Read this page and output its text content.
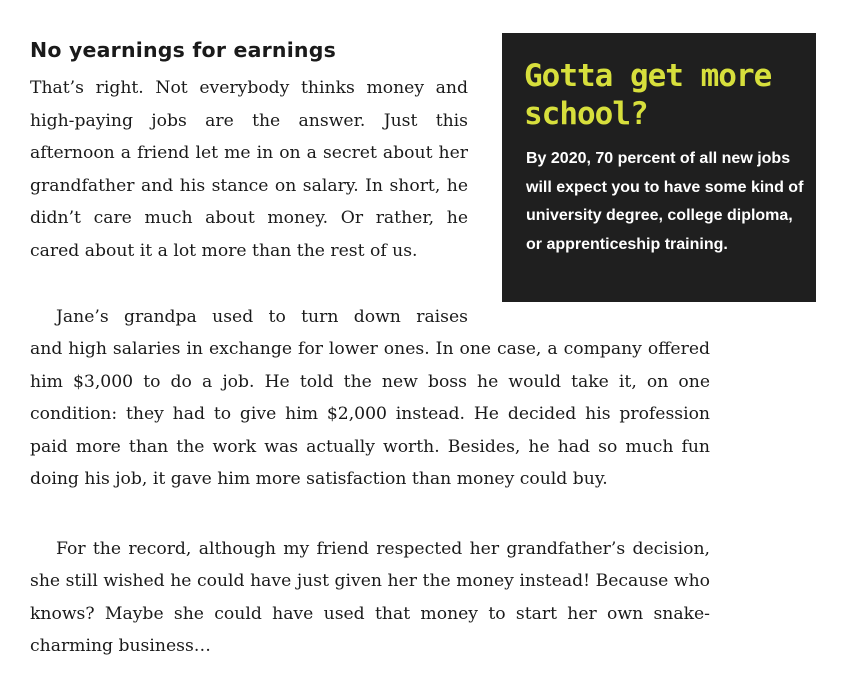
No yearnings for earnings

That’s right. Not everybody thinks money and high-paying jobs are the answer. Just this afternoon a friend let me in on a secret about her grandfather and his stance on salary. In short, he didn’t care much about money. Or rather, he cared about it a lot more than the rest of us.

Jane’s grandpa used to turn down raises

and high salaries in exchange for lower ones. In one case, a company offered him $3,000 to do a job. He told the new boss he would take it, on one condition: they had to give him $2,000 instead. He decided his profession paid more than the work was actually worth. Besides, he had so much fun doing his job, it gave him more satisfaction than money could buy.

For the record, although my friend respected her grandfather’s decision, she still wished he could have just given her the money instead! Because who knows? Maybe she could have used that money to start her own snake-charming business…

Gotta get more school?

By 2020, 70 percent of all new jobs will expect you to have some kind of university degree, college diploma, or apprenticeship training.
